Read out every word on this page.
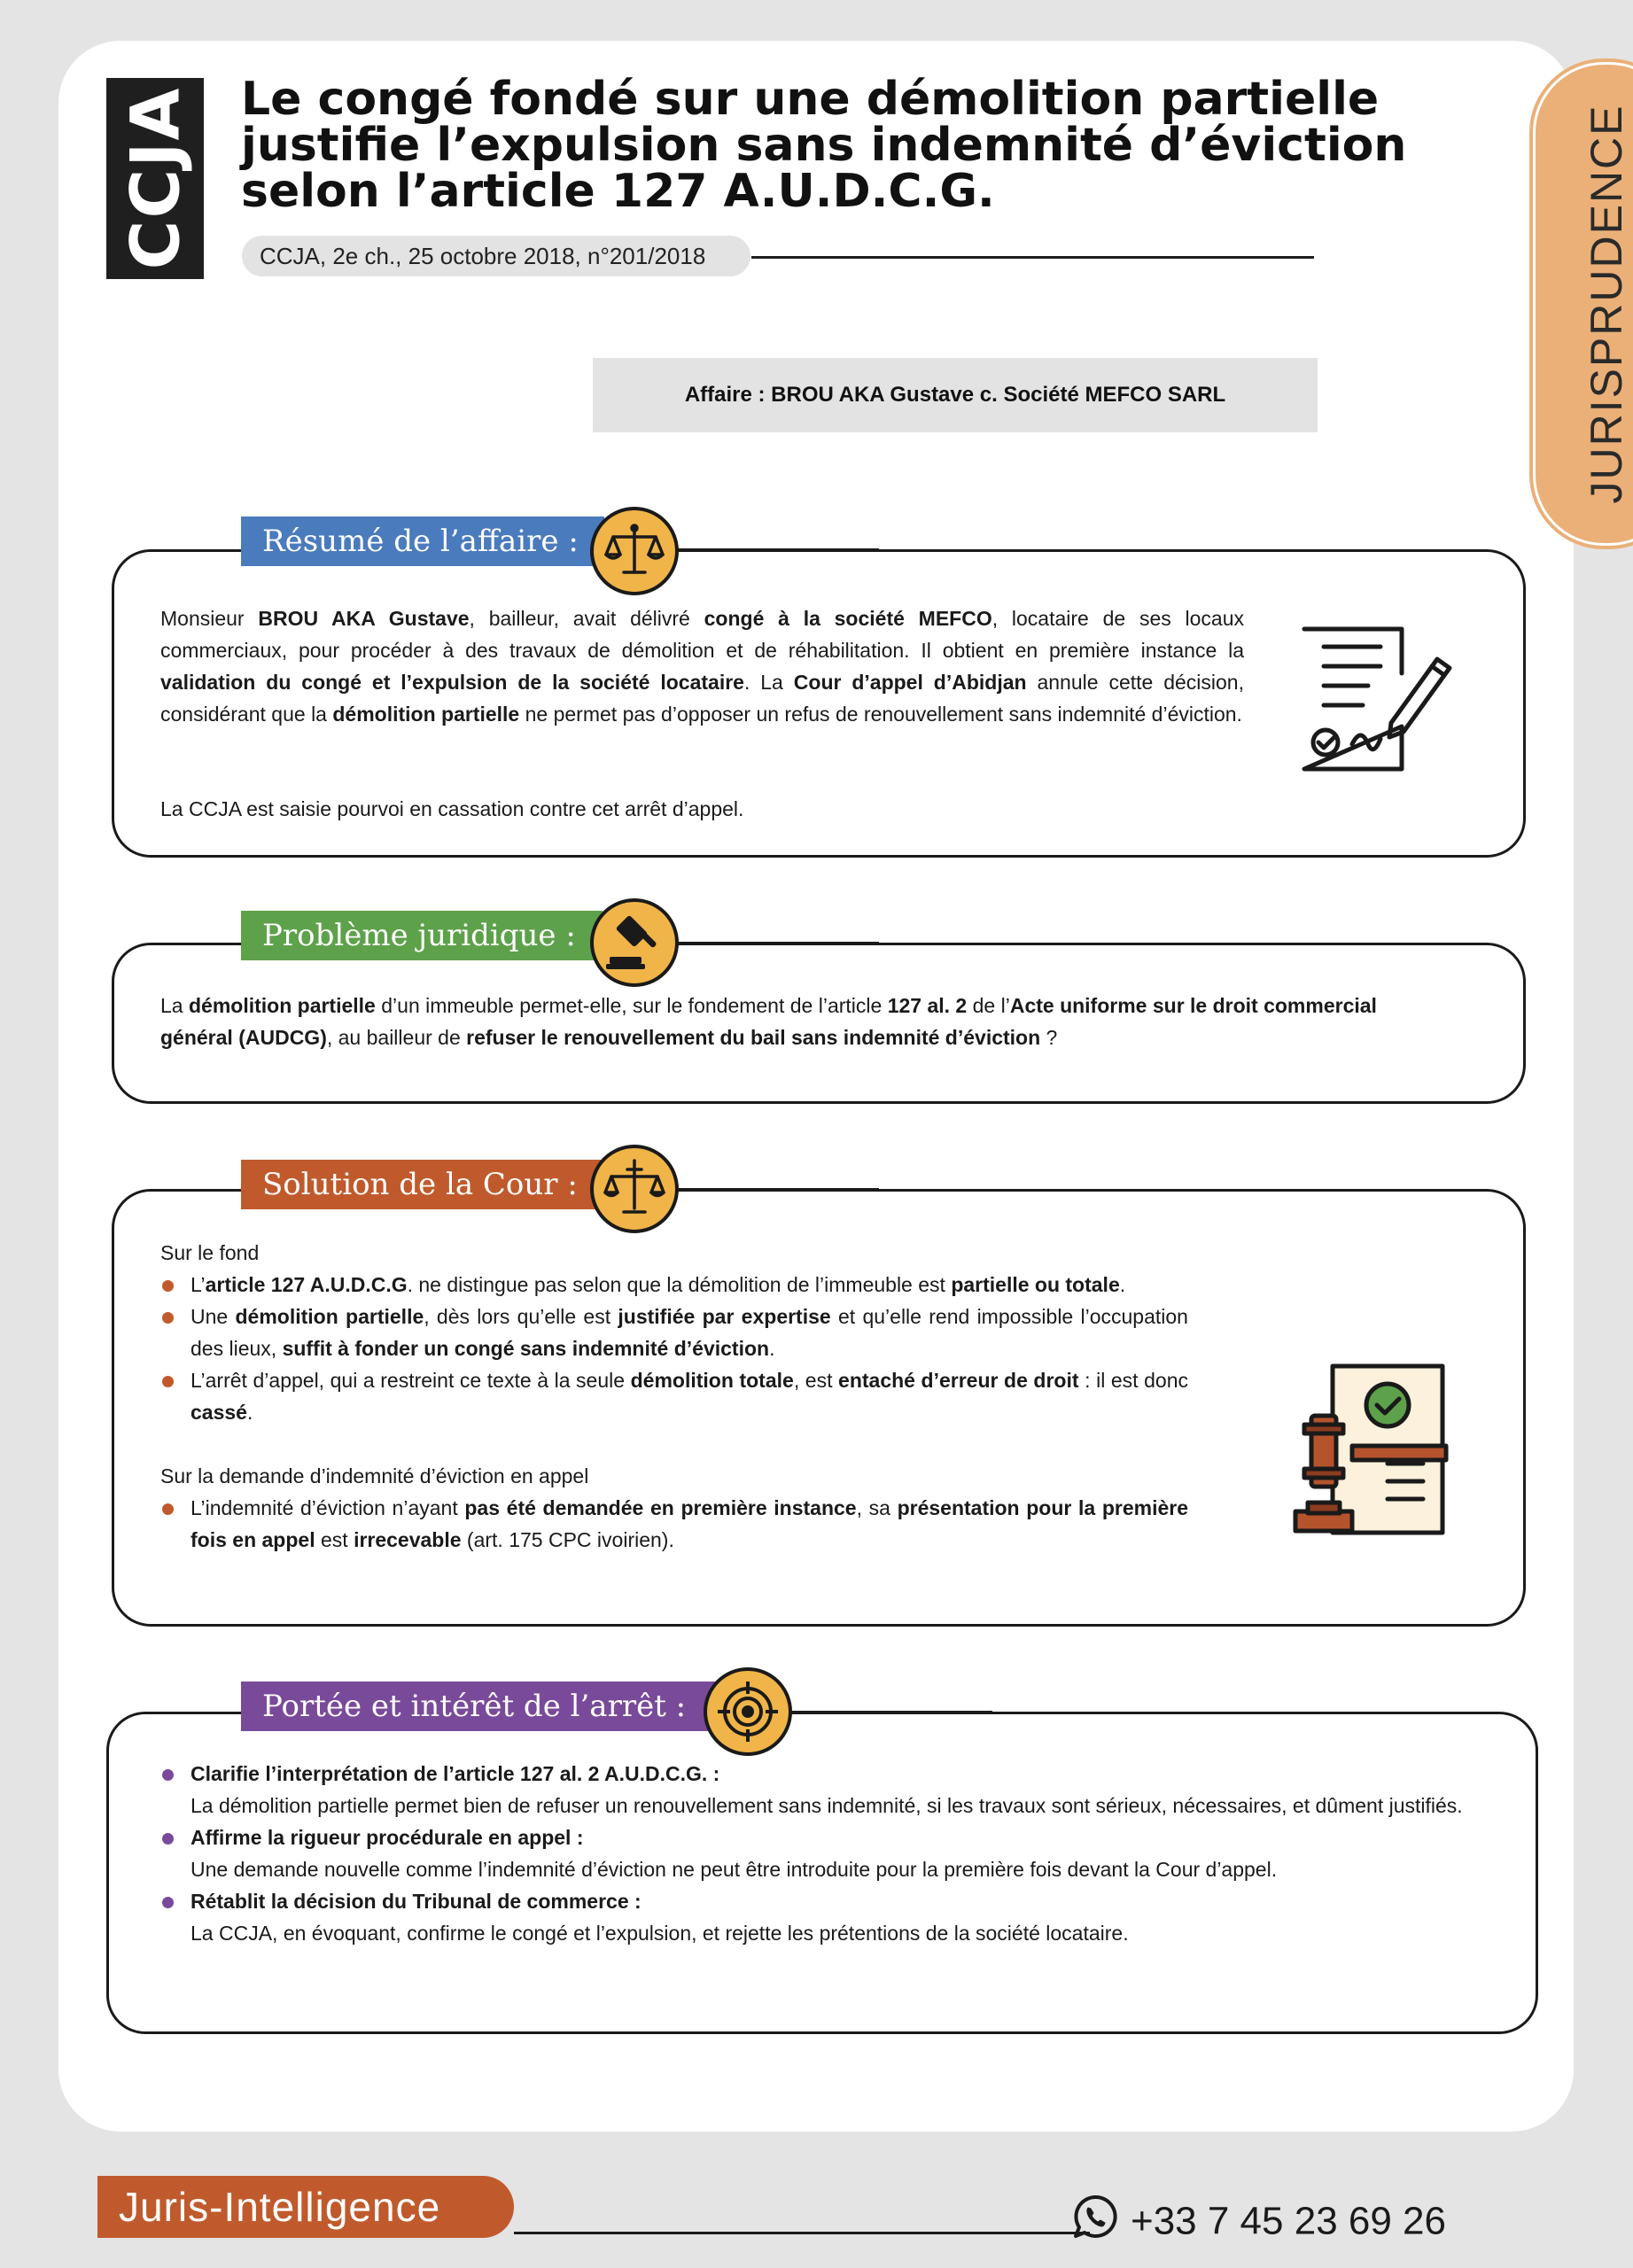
CCJA Le congé fondé sur une démolition partielle
justifie l’expulsion sans indemnité d’éviction
selon l’article 127 A.U.D.C.G.
CCJA, 2e ch., 25 octobre 2018, n°201/2018
Affaire : BROU AKA Gustave c. Société MEFCO SARL	JURISPRUDENCE
Résumé de l’affaire :
Monsieur BROU AKA Gustave, bailleur, avait délivré congé à la société MEFCO, locataire de ses locaux commerciaux, pour procéder à des travaux de démolition et de réhabilitation. Il obtient en première instance la validation du congé et l’expulsion de la société locataire. La Cour d’appel d’Abidjan annule cette décision, considérant que la démolition partielle ne permet pas d’opposer un refus de renouvellement sans indemnité d’éviction.
La CCJA est saisie pourvoi en cassation contre cet arrêt d’appel.
Problème juridique :
La démolition partielle d’un immeuble permet-elle, sur le fondement de l’article 127 al. 2 de l’Acte uniforme sur le droit commercial général (AUDCG), au bailleur de refuser le renouvellement du bail sans indemnité d’éviction ?
Solution de la Cour :
Sur le fond
L’article 127 A.U.D.C.G. ne distingue pas selon que la démolition de l’immeuble est partielle ou totale.
Une démolition partielle, dès lors qu’elle est justifiée par expertise et qu’elle rend impossible l’occupation des lieux, suffit à fonder un congé sans indemnité d’éviction.
L’arrêt d’appel, qui a restreint ce texte à la seule démolition totale, est entaché d’erreur de droit : il est donc cassé.
Sur la demande d’indemnité d’éviction en appel
L’indemnité d’éviction n’ayant pas été demandée en première instance, sa présentation pour la première fois en appel est irrecevable (art. 175 CPC ivoirien).
Portée et intérêt de l’arrêt :
Clarifie l’interprétation de l’article 127 al. 2 A.U.D.C.G. :
La démolition partielle permet bien de refuser un renouvellement sans indemnité, si les travaux sont sérieux, nécessaires, et dûment justifiés.
Affirme la rigueur procédurale en appel :
Une demande nouvelle comme l’indemnité d’éviction ne peut être introduite pour la première fois devant la Cour d’appel.
Rétablit la décision du Tribunal de commerce :
La CCJA, en évoquant, confirme le congé et l’expulsion, et rejette les prétentions de la société locataire.
Juris-Intelligence	+33 7 45 23 69 26
